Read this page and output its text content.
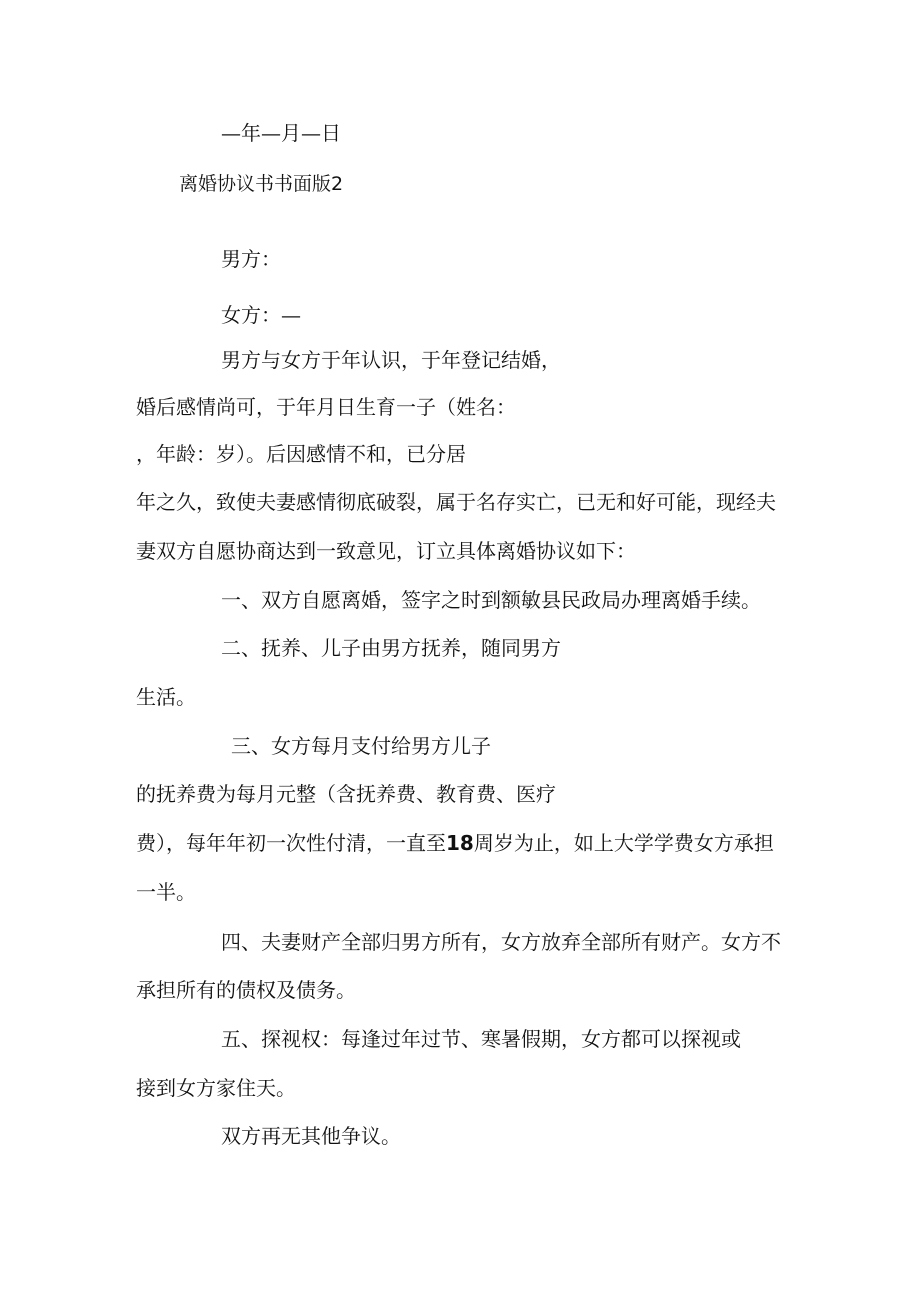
—年—月—日

离婚协议书书面版2

男方：

女方：—

男方与女方于年认识，于年登记结婚，

婚后感情尚可，于年月日生育一子（姓名：

，年龄：岁）。后因感情不和，已分居

年之久，致使夫妻感情彻底破裂，属于名存实亡，已无和好可能，现经夫

妻双方自愿协商达到一致意见，订立具体离婚协议如下：

一、双方自愿离婚，签字之时到额敏县民政局办理离婚手续。

二、抚养、儿子由男方抚养，随同男方

生活。

三、女方每月支付给男方儿子

的抚养费为每月元整（含抚养费、教育费、医疗

费），每年年初一次性付清，一直至18周岁为止，如上大学学费女方承担

一半。

四、夫妻财产全部归男方所有，女方放弃全部所有财产。女方不

承担所有的债权及债务。

五、探视权：每逢过年过节、寒暑假期，女方都可以探视或

接到女方家住天。

双方再无其他争议。
